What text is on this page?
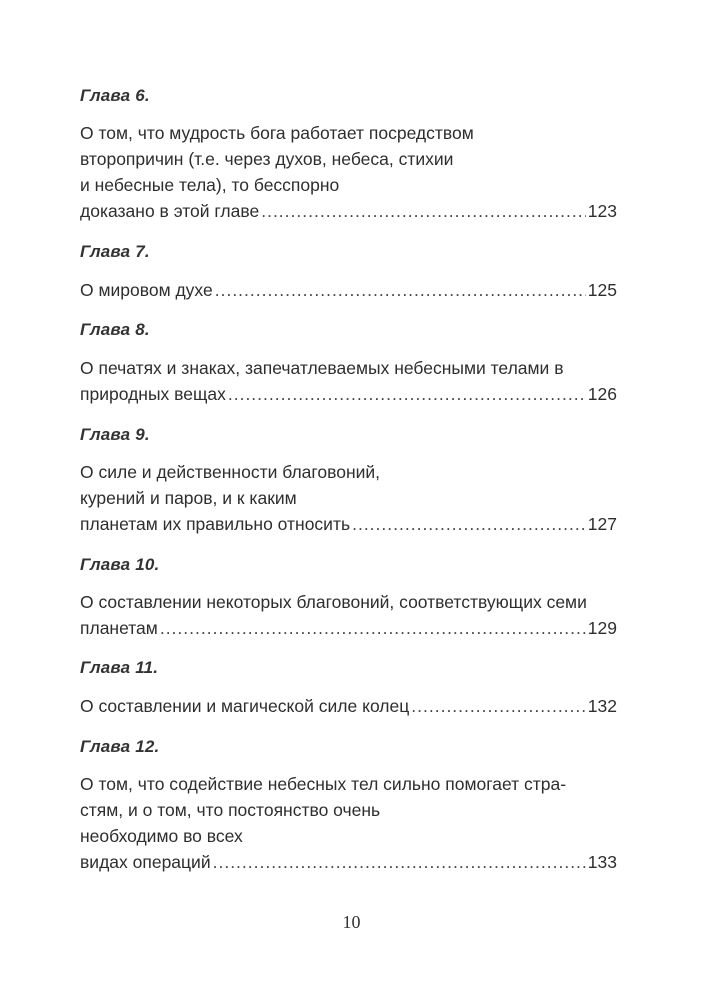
Глава 6.
О том, что мудрость бога работает посредством
второпричин (т.е. через духов, небеса, стихии
и небесные тела), то бесспорно
доказано в этой главе .....	123
Глава 7.
О мировом духе .....	125
Глава 8.
О печатях и знаках, запечатлеваемых небесными телами в
природных вещах .....	126
Глава 9.
О силе и действенности благовоний,
курений и паров, и к каким
планетам их правильно относить .....	127
Глава 10.
О составлении некоторых благовоний, соответствующих семи
планетам .....	129
Глава 11.
О составлении и магической силе колец .....	132
Глава 12.
О том, что содействие небесных тел сильно помогает стра-
стям, и о том, что постоянство очень
необходимо во всех
видах операций .....	133
10
